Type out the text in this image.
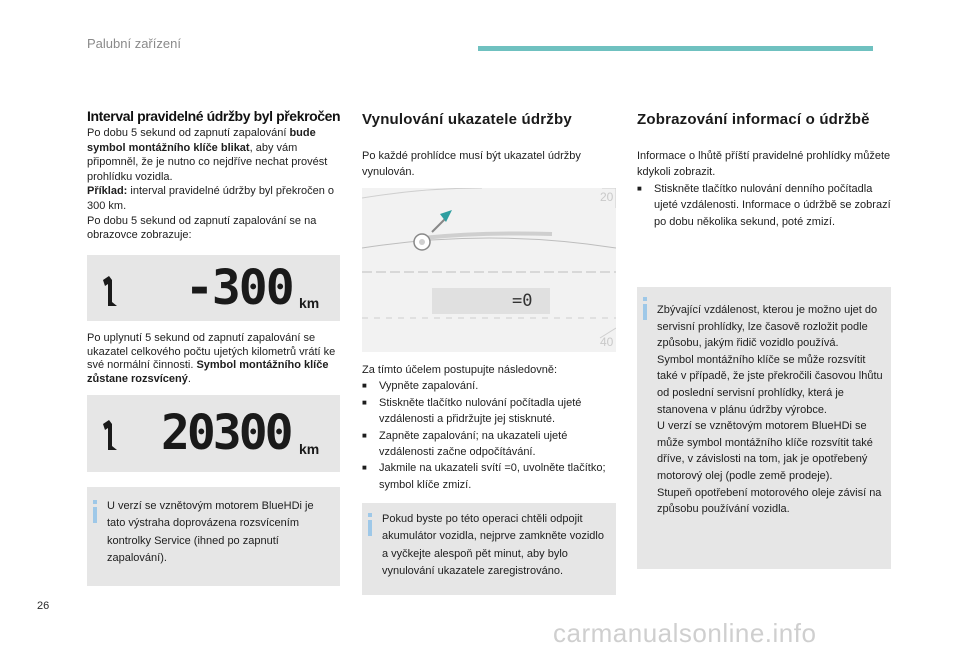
Palubní zařízení
Interval pravidelné údržby byl překročen
Po dobu 5 sekund od zapnutí zapalování bude symbol montážního klíče blikat, aby vám připomněl, že je nutno co nejdříve nechat provést prohlídku vozidla.
Příklad: interval pravidelné údržby byl překročen o 300 km.
Po dobu 5 sekund od zapnutí zapalování se na obrazovce zobrazuje:
-300 km
Po uplynutí 5 sekund od zapnutí zapalování se ukazatel celkového počtu ujetých kilometrů vrátí ke své normální činnosti. Symbol montážního klíče zůstane rozsvícený.
20300 km
U verzí se vznětovým motorem BlueHDi je tato výstraha doprovázena rozsvícením kontrolky Service (ihned po zapnutí zapalování).
Vynulování ukazatele údržby
Po každé prohlídce musí být ukazatel údržby vynulován.
=0
20
40
Za tímto účelem postupujte následovně:
■ Vypněte zapalování.
■ Stiskněte tlačítko nulování počítadla ujeté vzdálenosti a přidržujte jej stisknuté.
■ Zapněte zapalování; na ukazateli ujeté vzdálenosti začne odpočítávání.
■ Jakmile na ukazateli svítí =0, uvolněte tlačítko; symbol klíče zmizí.
Pokud byste po této operaci chtěli odpojit akumulátor vozidla, nejprve zamkněte vozidlo a vyčkejte alespoň pět minut, aby bylo vynulování ukazatele zaregistrováno.
Zobrazování informací o údržbě
Informace o lhůtě příští pravidelné prohlídky můžete kdykoli zobrazit.
■ Stiskněte tlačítko nulování denního počítadla ujeté vzdálenosti. Informace o údržbě se zobrazí po dobu několika sekund, poté zmizí.
Zbývající vzdálenost, kterou je možno ujet do servisní prohlídky, lze časově rozložit podle způsobu, jakým řidič vozidlo používá.
Symbol montážního klíče se může rozsvítit také v případě, že jste překročili časovou lhůtu od poslední servisní prohlídky, která je stanovena v plánu údržby výrobce.
U verzí se vznětovým motorem BlueHDi se může symbol montážního klíče rozsvítit také dříve, v závislosti na tom, jak je opotřebený motorový olej (podle země prodeje).
Stupeň opotřebení motorového oleje závisí na způsobu používání vozidla.
26
carmanualsonline.info
